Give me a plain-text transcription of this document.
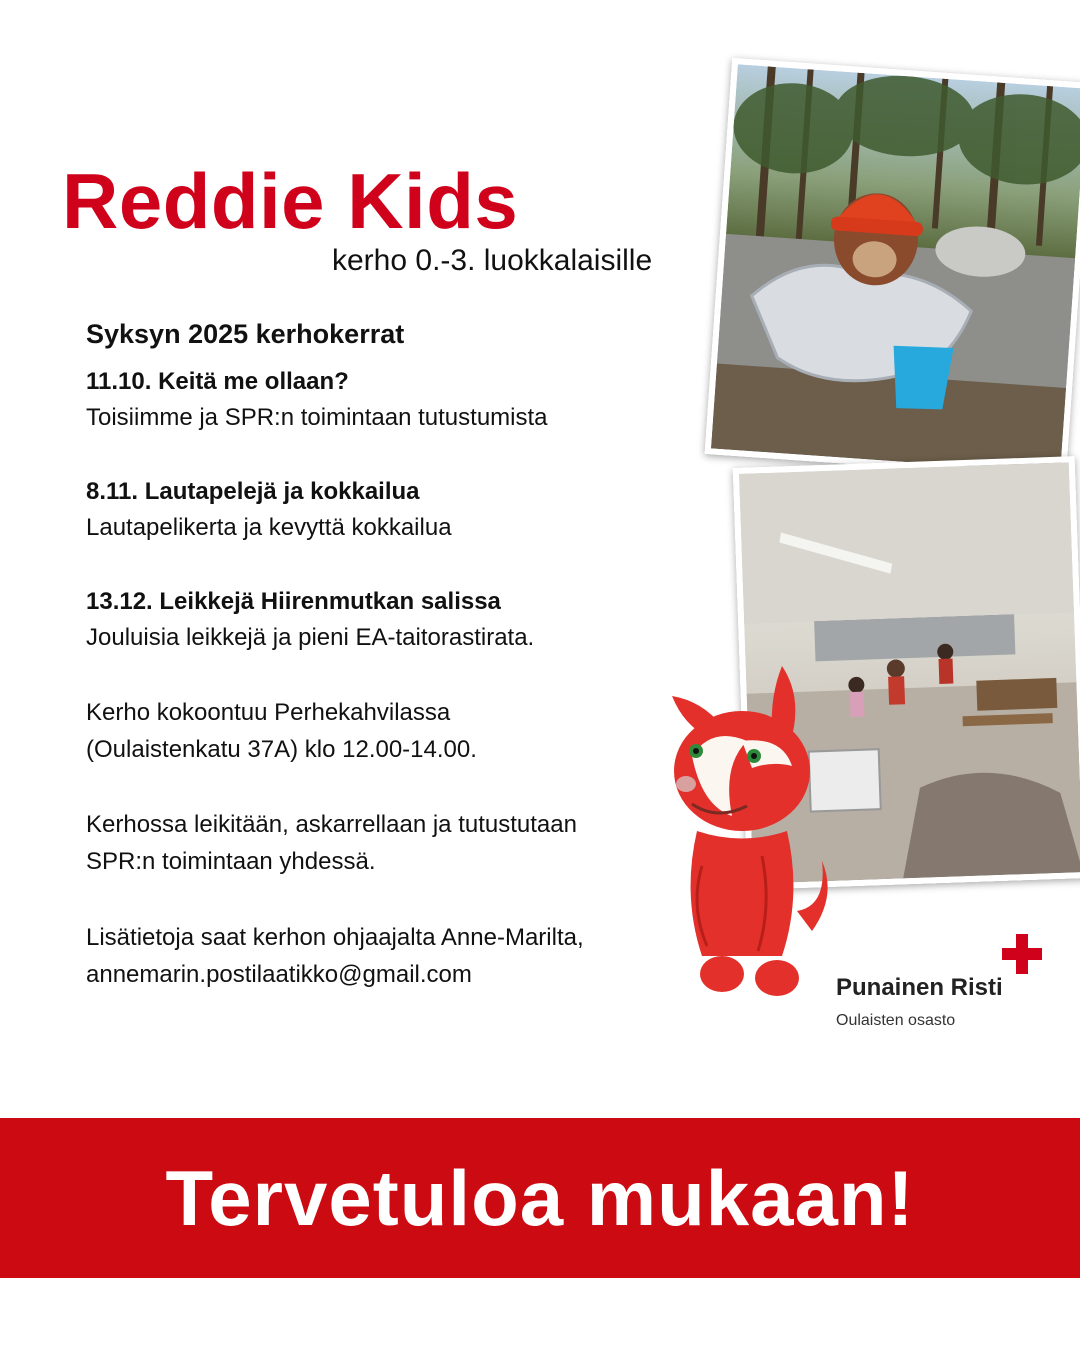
Reddie Kids
kerho 0.-3. luokkalaisille
Syksyn 2025 kerhokerrat
11.10. Keitä me ollaan?
Toisiimme ja SPR:n toimintaan tutustumista
8.11. Lautapelejä ja kokkailua
Lautapelikerta ja kevyttä kokkailua
13.12. Leikkejä Hiirenmutkan salissa
Jouluisia leikkejä ja pieni EA-taitorastirata.

Kerho kokoontuu Perhekahvilassa
(Oulaistenkatu 37A) klo 12.00-14.00.

Kerhossa leikitään, askarrellaan ja tutustutaan
SPR:n toimintaan yhdessä.

Lisätietoja saat kerhon ohjaajalta Anne-Marilta,
annemarin.postilaatikko@gmail.com	Punainen Risti
Oulaisten osasto
Tervetuloa mukaan!
